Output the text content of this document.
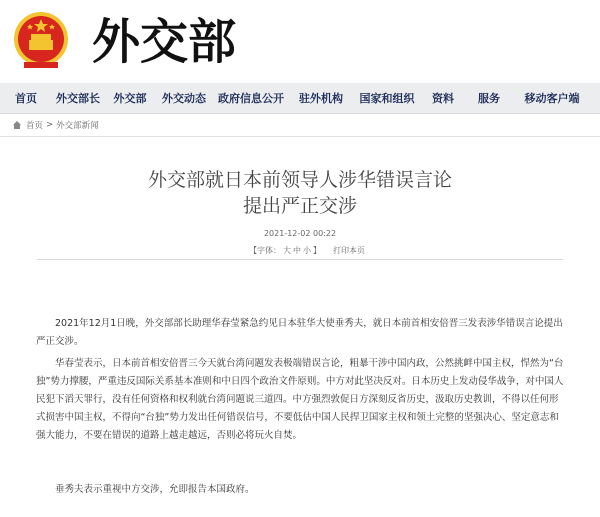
外交部
首页	外交部长	外交部	外交动态	政府信息公开	驻外机构	国家和组织	资料	服务	移动客户端
首页 > 外交部新闻
外交部就日本前领导人涉华错误言论
提出严正交涉
2021-12-02 00:22
【字体： 大 中 小 】 打印本页
2021年12月1日晚，外交部部长助理华春莹紧急约见日本驻华大使垂秀夫，就日本前首相安倍晋三发表涉华错误言论提出严正交涉。
华春莹表示，日本前首相安倍晋三今天就台湾问题发表极端错误言论，粗暴干涉中国内政，公然挑衅中国主权，悍然为“台独”势力撑腰，严重违反国际关系基本准则和中日四个政治文件原则。中方对此坚决反对。日本历史上发动侵华战争，对中国人民犯下滔天罪行，没有任何资格和权利就台湾问题说三道四。中方强烈敦促日方深刻反省历史，汲取历史教训，不得以任何形式损害中国主权，不得向“台独”势力发出任何错误信号，不要低估中国人民捍卫国家主权和领土完整的坚强决心、坚定意志和强大能力，不要在错误的道路上越走越远，否则必将玩火自焚。
垂秀夫表示重视中方交涉，允即报告本国政府。
